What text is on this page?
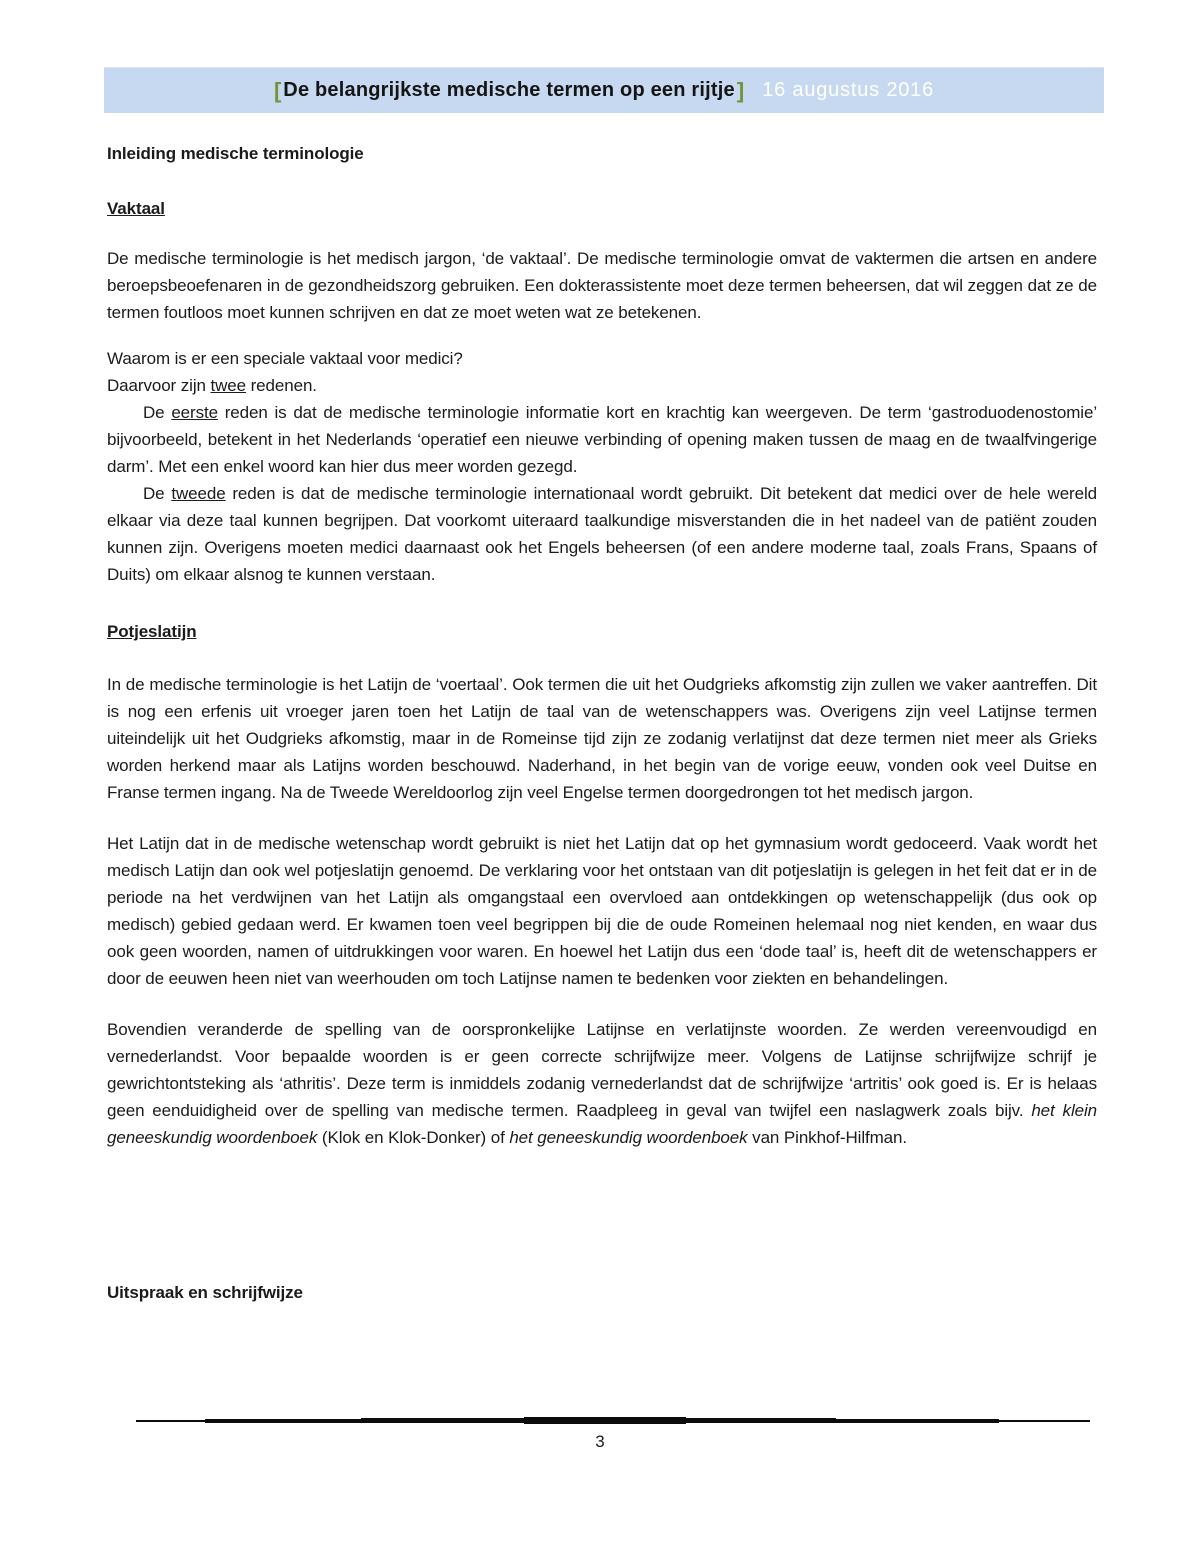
[ De belangrijkste medische termen op een rijtje ] 16 augustus 2016
Inleiding medische terminologie
Vaktaal

De medische terminologie is het medisch jargon, ‘de vaktaal’. De medische terminologie omvat de vaktermen die artsen en andere beroepsbeoefenaren in de gezondheidszorg gebruiken. Een dokterassistente moet deze termen beheersen, dat wil zeggen dat ze de termen foutloos moet kunnen schrijven en dat ze moet weten wat ze betekenen.

Waarom is er een speciale vaktaal voor medici?

Daarvoor zijn twee redenen.

De eerste reden is dat de medische terminologie informatie kort en krachtig kan weergeven. De term ‘gastroduodenostomie’ bijvoorbeeld, betekent in het Nederlands ‘operatief een nieuwe verbinding of opening maken tussen de maag en de twaalfvingerige darm’. Met een enkel woord kan hier dus meer worden gezegd.

De tweede reden is dat de medische terminologie internationaal wordt gebruikt. Dit betekent dat medici over de hele wereld elkaar via deze taal kunnen begrijpen. Dat voorkomt uiteraard taalkundige misverstanden die in het nadeel van de patiënt zouden kunnen zijn. Overigens moeten medici daarnaast ook het Engels beheersen (of een andere moderne taal, zoals Frans, Spaans of Duits) om elkaar alsnog te kunnen verstaan.

Potjeslatijn

In de medische terminologie is het Latijn de ‘voertaal’. Ook termen die uit het Oudgrieks afkomstig zijn zullen we vaker aantreffen. Dit is nog een erfenis uit vroeger jaren toen het Latijn de taal van de wetenschappers was. Overigens zijn veel Latijnse termen uiteindelijk uit het Oudgrieks afkomstig, maar in de Romeinse tijd zijn ze zodanig verlatijnst dat deze termen niet meer als Grieks worden herkend maar als Latijns worden beschouwd. Naderhand, in het begin van de vorige eeuw, vonden ook veel Duitse en Franse termen ingang. Na de Tweede Wereldoorlog zijn veel Engelse termen doorgedrongen tot het medisch jargon.

Het Latijn dat in de medische wetenschap wordt gebruikt is niet het Latijn dat op het gymnasium wordt gedoceerd. Vaak wordt het medisch Latijn dan ook wel potjeslatijn genoemd. De verklaring voor het ontstaan van dit potjeslatijn is gelegen in het feit dat er in de periode na het verdwijnen van het Latijn als omgangstaal een overvloed aan ontdekkingen op wetenschappelijk (dus ook op medisch) gebied gedaan werd. Er kwamen toen veel begrippen bij die de oude Romeinen helemaal nog niet kenden, en waar dus ook geen woorden, namen of uitdrukkingen voor waren. En hoewel het Latijn dus een ‘dode taal’ is, heeft dit de wetenschappers er door de eeuwen heen niet van weerhouden om toch Latijnse namen te bedenken voor ziekten en behandelingen.

Bovendien veranderde de spelling van de oorspronkelijke Latijnse en verlatijnste woorden. Ze werden vereenvoudigd en vernederlandst. Voor bepaalde woorden is er geen correcte schrijfwijze meer. Volgens de Latijnse schrijfwijze schrijf je gewrichtontsteking als ‘athritis’. Deze term is inmiddels zodanig vernederlandst dat de schrijfwijze ‘artritis’ ook goed is. Er is helaas geen eenduidigheid over de spelling van medische termen. Raadpleeg in geval van twijfel een naslagwerk zoals bijv. het klein geneeskundig woordenboek (Klok en Klok-Donker) of het geneeskundig woordenboek van Pinkhof-Hilfman.

Uitspraak en schrijfwijze
3
